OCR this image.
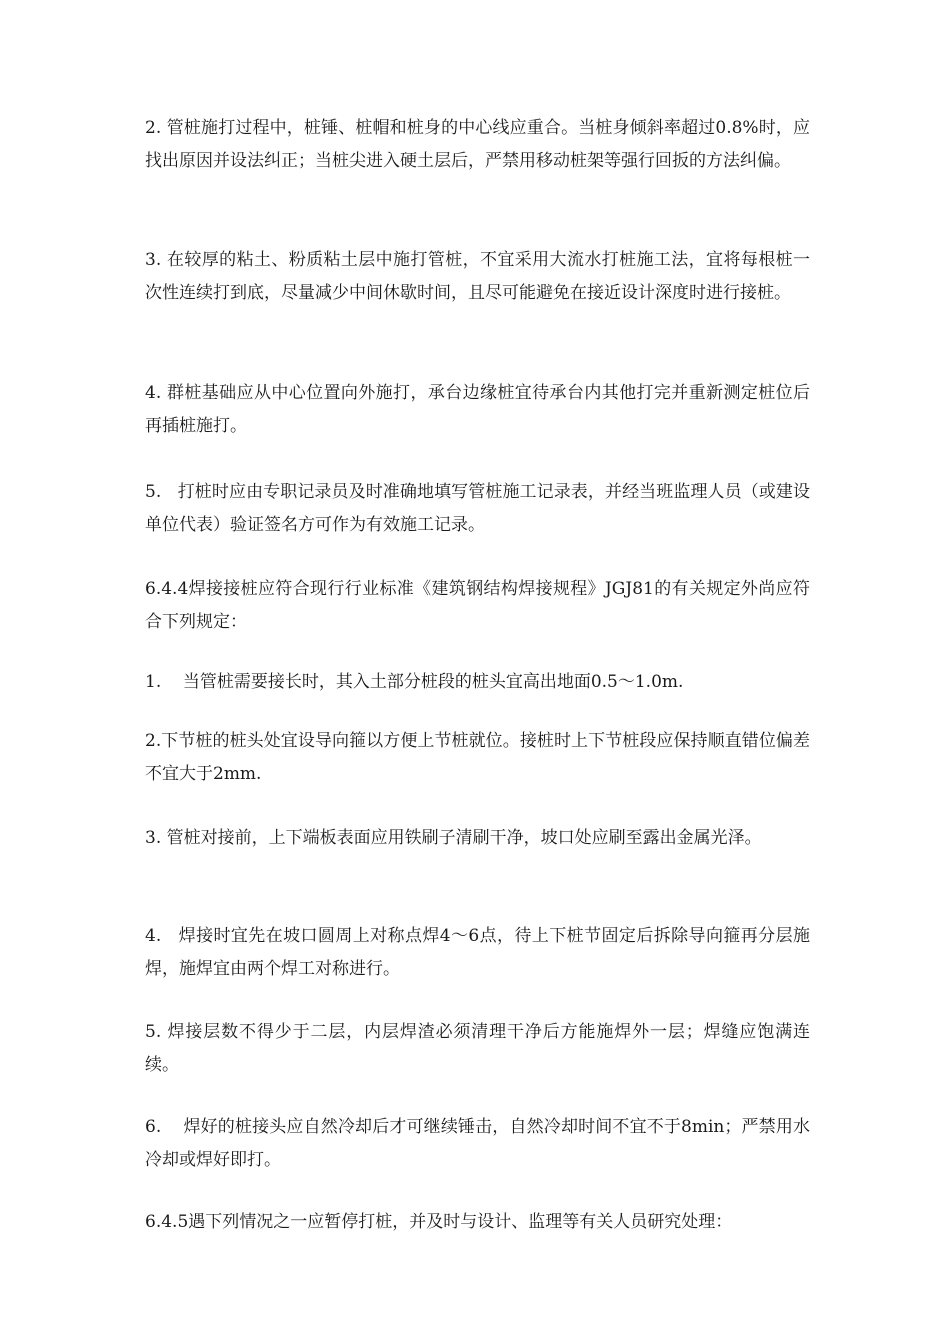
2. 管桩施打过程中，桩锤、桩帽和桩身的中心线应重合。当桩身倾斜率超过0.8%时，应找出原因并设法纠正；当桩尖进入硬土层后，严禁用移动桩架等强行回扳的方法纠偏。

3. 在较厚的粘土、粉质粘土层中施打管桩，不宜采用大流水打桩施工法，宜将每根桩一次性连续打到底，尽量减少中间休歇时间，且尽可能避免在接近设计深度时进行接桩。

4. 群桩基础应从中心位置向外施打，承台边缘桩宜待承台内其他打完并重新测定桩位后再插桩施打。

5.   打桩时应由专职记录员及时准确地填写管桩施工记录表，并经当班监理人员（或建设单位代表）验证签名方可作为有效施工记录。

6.4.4焊接接桩应符合现行行业标准《建筑钢结构焊接规程》JGJ81的有关规定外尚应符合下列规定：

1.    当管桩需要接长时，其入土部分桩段的桩头宜高出地面0.5～1.0m.

2.下节桩的桩头处宜设导向箍以方便上节桩就位。接桩时上下节桩段应保持顺直错位偏差不宜大于2mm.

3. 管桩对接前，上下端板表面应用铁刷子清刷干净，坡口处应刷至露出金属光泽。

4.   焊接时宜先在坡口圆周上对称点焊4～6点，待上下桩节固定后拆除导向箍再分层施焊，施焊宜由两个焊工对称进行。

5. 焊接层数不得少于二层，内层焊渣必须清理干净后方能施焊外一层；焊缝应饱满连续。

6.    焊好的桩接头应自然冷却后才可继续锤击，自然冷却时间不宜不于8min；严禁用水冷却或焊好即打。

6.4.5遇下列情况之一应暂停打桩，并及时与设计、监理等有关人员研究处理：
